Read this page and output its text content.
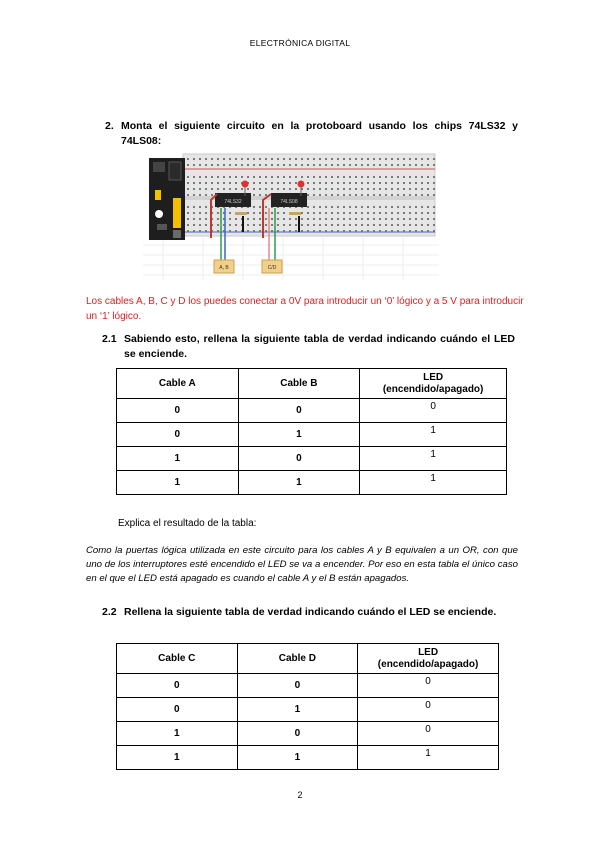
ELECTRÓNICA DIGITAL
2. Monta el siguiente circuito en la protoboard usando los chips 74LS32 y 74LS08:
74LS32	74LS08
A, B	C/D
Los cables A, B, C y D los puedes conectar a 0V para introducir un ‘0’ lógico y a 5 V para introducir un ‘1’ lógico.
2.1 Sabiendo esto, rellena la siguiente tabla de verdad indicando cuándo el LED se enciende.
Cable A	Cable B	LED
(encendido/apagado)
0	0	0
0	1	1
1	0	1
1	1	1
Explica el resultado de la tabla:
Como la puertas lógica utilizada en este circuito para los cables A y B equivalen a un OR, con que uno de los interruptores esté encendido el LED se va a encender. Por eso en esta tabla el único caso en el que el LED está apagado es cuando el cable A y el B están apagados.
2.2 Rellena la siguiente tabla de verdad indicando cuándo el LED se enciende.
Cable C	Cable D	LED
(encendido/apagado)
0	0	0
0	1	0
1	0	0
1	1	1
2
